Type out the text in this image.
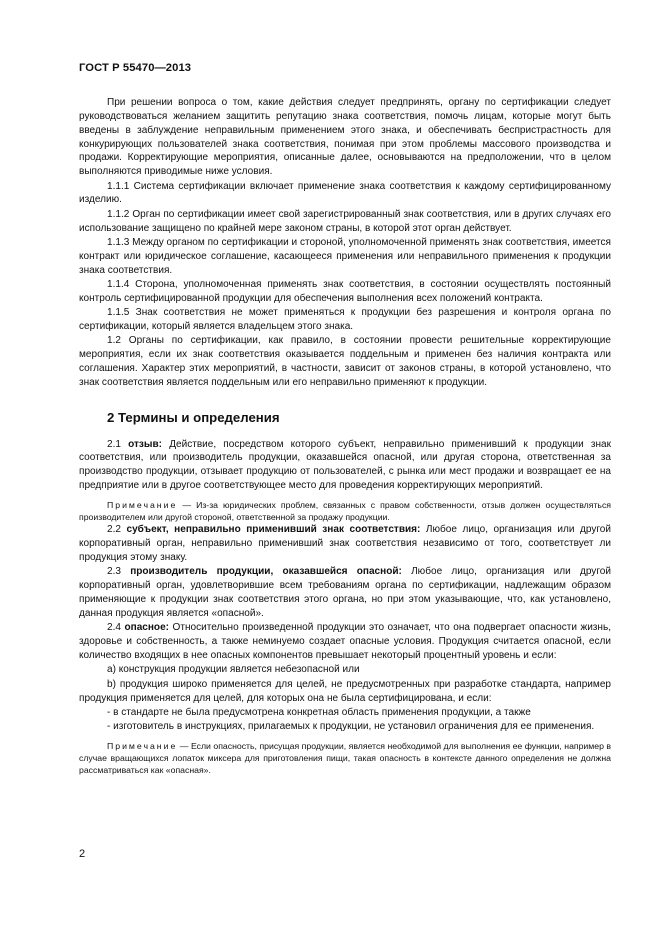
ГОСТ Р 55470—2013

При решении вопроса о том, какие действия следует предпринять, органу по сертификации следует руководствоваться желанием защитить репутацию знака соответствия, помочь лицам, которые могут быть введены в заблуждение неправильным применением этого знака, и обеспечивать беспристрастность для конкурирующих пользователей знака соответствия, понимая при этом проблемы массового производства и продажи. Корректирующие мероприятия, описанные далее, основываются на предположении, что в целом выполняются приводимые ниже условия.

1.1.1 Система сертификации включает применение знака соответствия к каждому сертифицированному изделию.

1.1.2 Орган по сертификации имеет свой зарегистрированный знак соответствия, или в других случаях его использование защищено по крайней мере законом страны, в которой этот орган действует.

1.1.3 Между органом по сертификации и стороной, уполномоченной применять знак соответствия, имеется контракт или юридическое соглашение, касающееся применения или неправильного применения к продукции знака соответствия.

1.1.4 Сторона, уполномоченная применять знак соответствия, в состоянии осуществлять постоянный контроль сертифицированной продукции для обеспечения выполнения всех положений контракта.

1.1.5 Знак соответствия не может применяться к продукции без разрешения и контроля органа по сертификации, который является владельцем этого знака.

1.2 Органы по сертификации, как правило, в состоянии провести решительные корректирующие мероприятия, если их знак соответствия оказывается поддельным и применен без наличия контракта или соглашения. Характер этих мероприятий, в частности, зависит от законов страны, в которой установлено, что знак соответствия является поддельным или его неправильно применяют к продукции.

2 Термины и определения

2.1 отзыв: Действие, посредством которого субъект, неправильно применивший к продукции знак соответствия, или производитель продукции, оказавшейся опасной, или другая сторона, ответственная за производство продукции, отзывает продукцию от пользователей, с рынка или мест продажи и возвращает ее на предприятие или в другое соответствующее место для проведения корректирующих мероприятий.

Примечание — Из-за юридических проблем, связанных с правом собственности, отзыв должен осуществляться производителем или другой стороной, ответственной за продажу продукции.

2.2 субъект, неправильно применивший знак соответствия: Любое лицо, организация или другой корпоративный орган, неправильно применивший знак соответствия независимо от того, соответствует ли продукция этому знаку.

2.3 производитель продукции, оказавшейся опасной: Любое лицо, организация или другой корпоративный орган, удовлетворившие всем требованиям органа по сертификации, надлежащим образом применяющие к продукции знак соответствия этого органа, но при этом указывающие, что, как установлено, данная продукция является «опасной».

2.4 опасное: Относительно произведенной продукции это означает, что она подвергает опасности жизнь, здоровье и собственность, а также неминуемо создает опасные условия. Продукция считается опасной, если количество входящих в нее опасных компонентов превышает некоторый процентный уровень и если:

a) конструкция продукции является небезопасной или

b) продукция широко применяется для целей, не предусмотренных при разработке стандарта, например продукция применяется для целей, для которых она не была сертифицирована, и если:

- в стандарте не была предусмотрена конкретная область применения продукции, а также

- изготовитель в инструкциях, прилагаемых к продукции, не установил ограничения для ее применения.

Примечание — Если опасность, присущая продукции, является необходимой для выполнения ее функции, например в случае вращающихся лопаток миксера для приготовления пищи, такая опасность в контексте данного определения не должна рассматриваться как «опасная».

2
